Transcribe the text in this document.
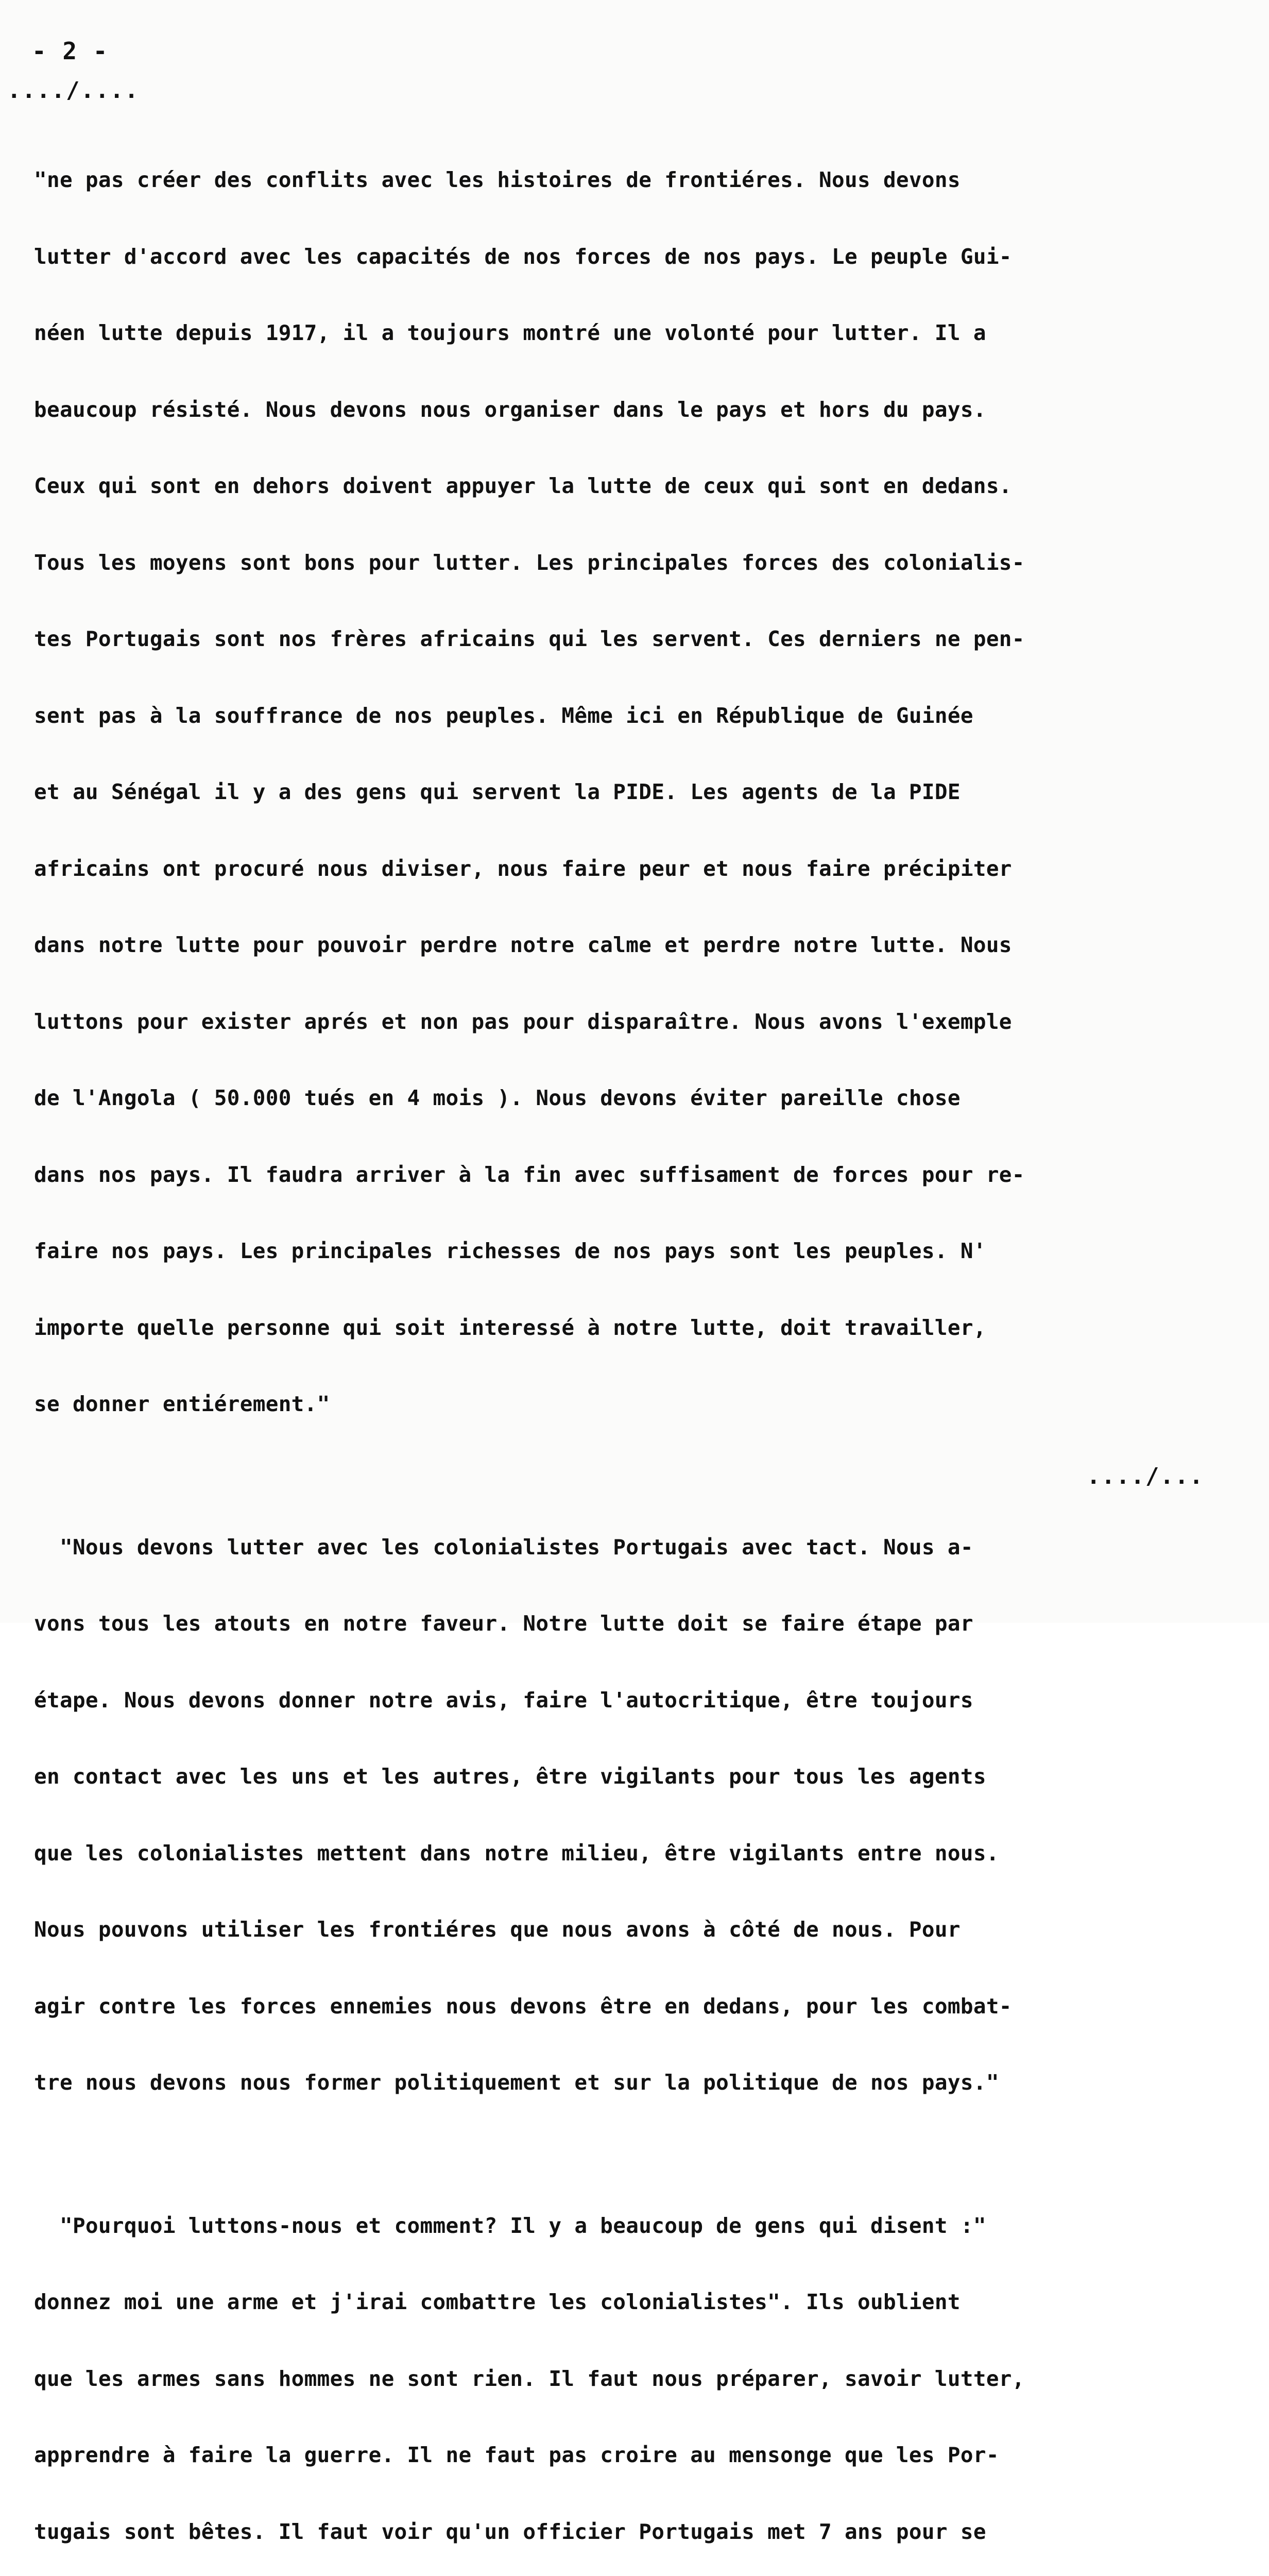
- 2 -
..../....

"ne pas créer des conflits avec les histoires de frontiéres. Nous devons

lutter d'accord avec les capacités de nos forces de nos pays. Le peuple Gui-

néen lutte depuis 1917, il a toujours montré une volonté pour lutter. Il a

beaucoup résisté. Nous devons nous organiser dans le pays et hors du pays.

Ceux qui sont en dehors doivent appuyer la lutte de ceux qui sont en dedans.

Tous les moyens sont bons pour lutter. Les principales forces des colonialis-

tes Portugais sont nos frères africains qui les servent. Ces derniers ne pen-

sent pas à la souffrance de nos peuples. Même ici en République de Guinée

et au Sénégal il y a des gens qui servent la PIDE. Les agents de la PIDE

africains ont procuré nous diviser, nous faire peur et nous faire précipiter

dans notre lutte pour pouvoir perdre notre calme et perdre notre lutte. Nous

luttons pour exister aprés et non pas pour disparaître. Nous avons l'exemple

de l'Angola ( 50.000 tués en 4 mois ). Nous devons éviter pareille chose

dans nos pays. Il faudra arriver à la fin avec suffisament de forces pour re-

faire nos pays. Les principales richesses de nos pays sont les peuples. N'

importe quelle personne qui soit interessé à notre lutte, doit travailler,

se donner entiérement."

"Nous devons lutter avec les colonialistes Portugais avec tact. Nous a-

vons tous les atouts en notre faveur. Notre lutte doit se faire étape par

étape. Nous devons donner notre avis, faire l'autocritique, être toujours

en contact avec les uns et les autres, être vigilants pour tous les agents

que les colonialistes mettent dans notre milieu, être vigilants entre nous.

Nous pouvons utiliser les frontiéres que nous avons à côté de nous. Pour

agir contre les forces ennemies nous devons être en dedans, pour les combat-

tre nous devons nous former politiquement et sur la politique de nos pays."

"Pourquoi luttons-nous et comment? Il y a beaucoup de gens qui disent :"

donnez moi une arme et j'irai combattre les colonialistes". Ils oublient

que les armes sans hommes ne sont rien. Il faut nous préparer, savoir lutter,

apprendre à faire la guerre. Il ne faut pas croire au mensonge que les Por-

tugais sont bêtes. Il faut voir qu'un officier Portugais met 7 ans pour se

..../...
